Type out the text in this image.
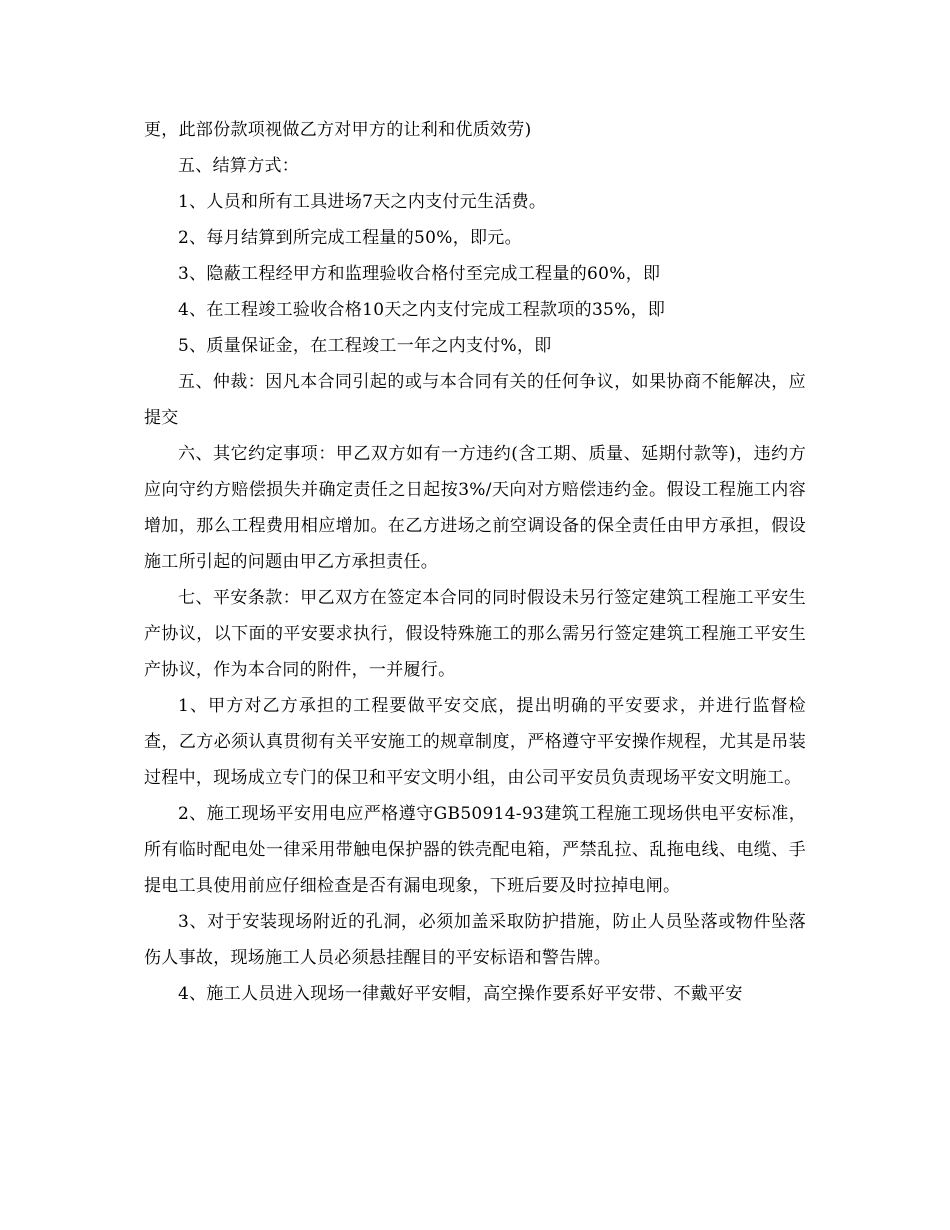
更，此部份款项视做乙方对甲方的让利和优质效劳)

五、结算方式：

1、人员和所有工具进场7天之内支付元生活费。

2、每月结算到所完成工程量的50%，即元。

3、隐蔽工程经甲方和监理验收合格付至完成工程量的60%，即

4、在工程竣工验收合格10天之内支付完成工程款项的35%，即

5、质量保证金，在工程竣工一年之内支付%，即

五、仲裁：因凡本合同引起的或与本合同有关的任何争议，如果协商不能解决，应提交

六、其它约定事项：甲乙双方如有一方违约(含工期、质量、延期付款等)，违约方应向守约方赔偿损失并确定责任之日起按3%/天向对方赔偿违约金。假设工程施工内容增加，那么工程费用相应增加。在乙方进场之前空调设备的保全责任由甲方承担，假设施工所引起的问题由甲乙方承担责任。

七、平安条款：甲乙双方在签定本合同的同时假设未另行签定建筑工程施工平安生产协议，以下面的平安要求执行，假设特殊施工的那么需另行签定建筑工程施工平安生产协议，作为本合同的附件，一并履行。

1、甲方对乙方承担的工程要做平安交底，提出明确的平安要求，并进行监督检查，乙方必须认真贯彻有关平安施工的规章制度，严格遵守平安操作规程，尤其是吊装过程中，现场成立专门的保卫和平安文明小组，由公司平安员负责现场平安文明施工。

2、施工现场平安用电应严格遵守GB50914-93建筑工程施工现场供电平安标准，所有临时配电处一律采用带触电保护器的铁壳配电箱，严禁乱拉、乱拖电线、电缆、手提电工具使用前应仔细检查是否有漏电现象，下班后要及时拉掉电闸。

3、对于安装现场附近的孔洞，必须加盖采取防护措施，防止人员坠落或物件坠落伤人事故，现场施工人员必须悬挂醒目的平安标语和警告牌。

4、施工人员进入现场一律戴好平安帽，高空操作要系好平安带、不戴平安
